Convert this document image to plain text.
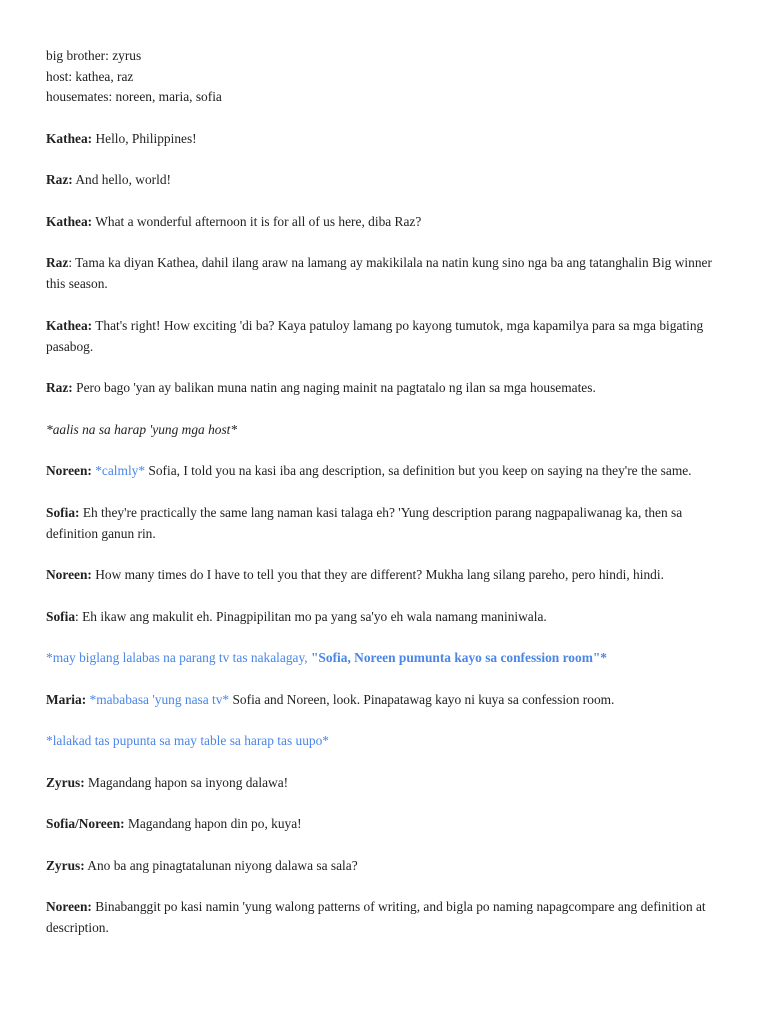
big brother: zyrus

host: kathea, raz

housemates: noreen, maria, sofia

Kathea: Hello, Philippines!

Raz: And hello, world!

Kathea: What a wonderful afternoon it is for all of us here, diba Raz?

Raz: Tama ka diyan Kathea, dahil ilang araw na lamang ay makikilala na natin kung sino nga ba ang tatanghalin Big winner this season.

Kathea: That's right! How exciting 'di ba? Kaya patuloy lamang po kayong tumutok, mga kapamilya para sa mga bigating pasabog.

Raz: Pero bago 'yan ay balikan muna natin ang naging mainit na pagtatalo ng ilan sa mga housemates.

*aalis na sa harap 'yung mga host*

Noreen: *calmly* Sofia, I told you na kasi iba ang description, sa definition but you keep on saying na they're the same.

Sofia: Eh they're practically the same lang naman kasi talaga eh? 'Yung description parang nagpapaliwanag ka, then sa definition ganun rin.

Noreen: How many times do I have to tell you that they are different? Mukha lang silang pareho, pero hindi, hindi.

Sofia: Eh ikaw ang makulit eh. Pinagpipilitan mo pa yang sa'yo eh wala namang maniniwala.

*may biglang lalabas na parang tv tas nakalagay, "Sofia, Noreen pumunta kayo sa confession room"*

Maria: *mababasa 'yung nasa tv* Sofia and Noreen, look. Pinapatawag kayo ni kuya sa confession room.

*lalakad tas pupunta sa may table sa harap tas uupo*

Zyrus: Magandang hapon sa inyong dalawa!

Sofia/Noreen: Magandang hapon din po, kuya!

Zyrus: Ano ba ang pinagtatalunan niyong dalawa sa sala?

Noreen: Binabanggit po kasi namin 'yung walong patterns of writing, and bigla po naming napagcompare ang definition at description.
